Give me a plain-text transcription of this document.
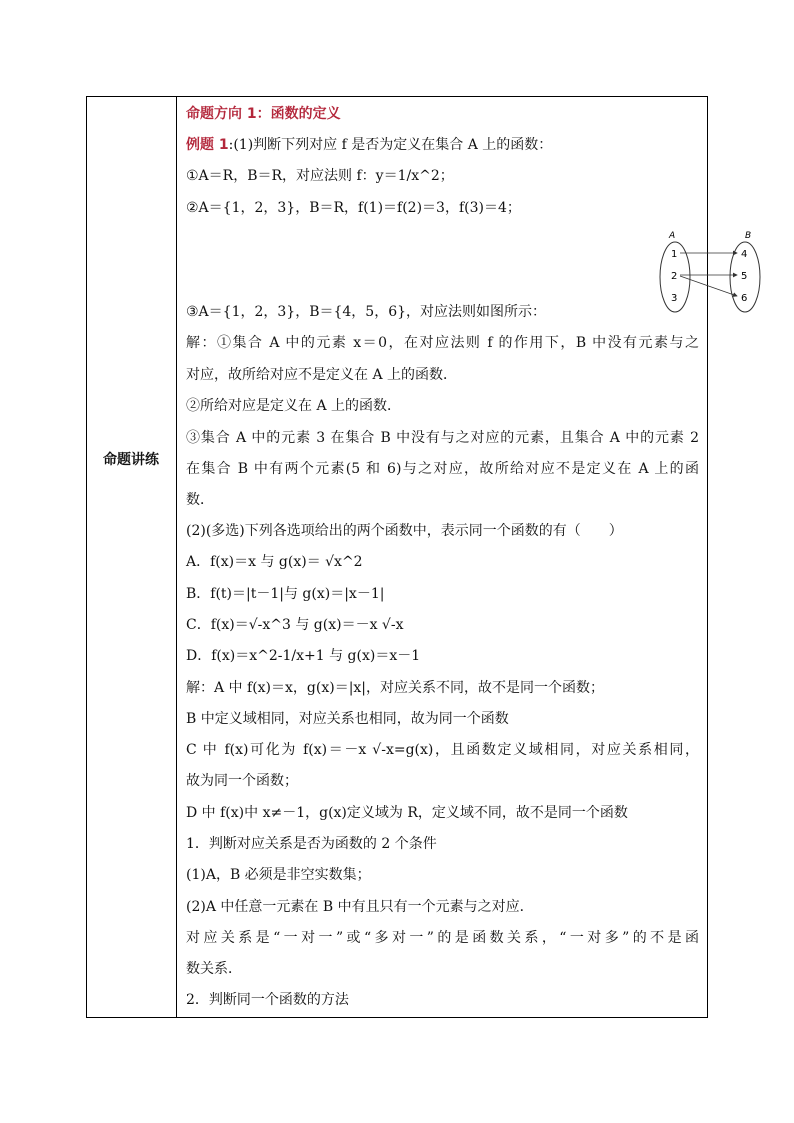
命题讲练
命题方向 1：函数的定义
例题 1:(1)判断下列对应 f 是否为定义在集合 A 上的函数：
①A＝R，B＝R，对应法则 f：y＝1/x^2；
②A＝{1，2，3}，B＝R，f(1)＝f(2)＝3，f(3)＝4；
A	B
1
2
3
4
5
6
③A＝{1，2，3}，B＝{4，5，6}，对应法则如图所示：
解：①集合 A 中的元素 x＝0，在对应法则 f 的作用下，B 中没有元素与之
对应，故所给对应不是定义在 A 上的函数．
②所给对应是定义在 A 上的函数．
③集合 A 中的元素 3 在集合 B 中没有与之对应的元素，且集合 A 中的元素 2
在集合 B 中有两个元素(5 和 6)与之对应，故所给对应不是定义在 A 上的函
数．
(2)(多选)下列各选项给出的两个函数中，表示同一个函数的有（　　）
A．f(x)＝x 与 g(x)＝ √x^2
B．f(t)＝|t－1|与 g(x)＝|x－1|
C．f(x)＝√-x^3 与 g(x)＝－x √-x
D．f(x)＝x^2-1/x+1 与 g(x)＝x－1
解：A 中 f(x)＝x，g(x)＝|x|，对应关系不同，故不是同一个函数；
B 中定义域相同，对应关系也相同，故为同一个函数
C 中 f(x)可化为 f(x)＝－x √-x=g(x)，且函数定义域相同，对应关系相同，
故为同一个函数；
D 中 f(x)中 x≠－1，g(x)定义域为 R，定义域不同，故不是同一个函数
1．判断对应关系是否为函数的 2 个条件
(1)A，B 必须是非空实数集；
(2)A 中任意一元素在 B 中有且只有一个元素与之对应．
对应关系是“一对一”或“多对一”的是函数关系，“一对多”的不是函
数关系．
2．判断同一个函数的方法
